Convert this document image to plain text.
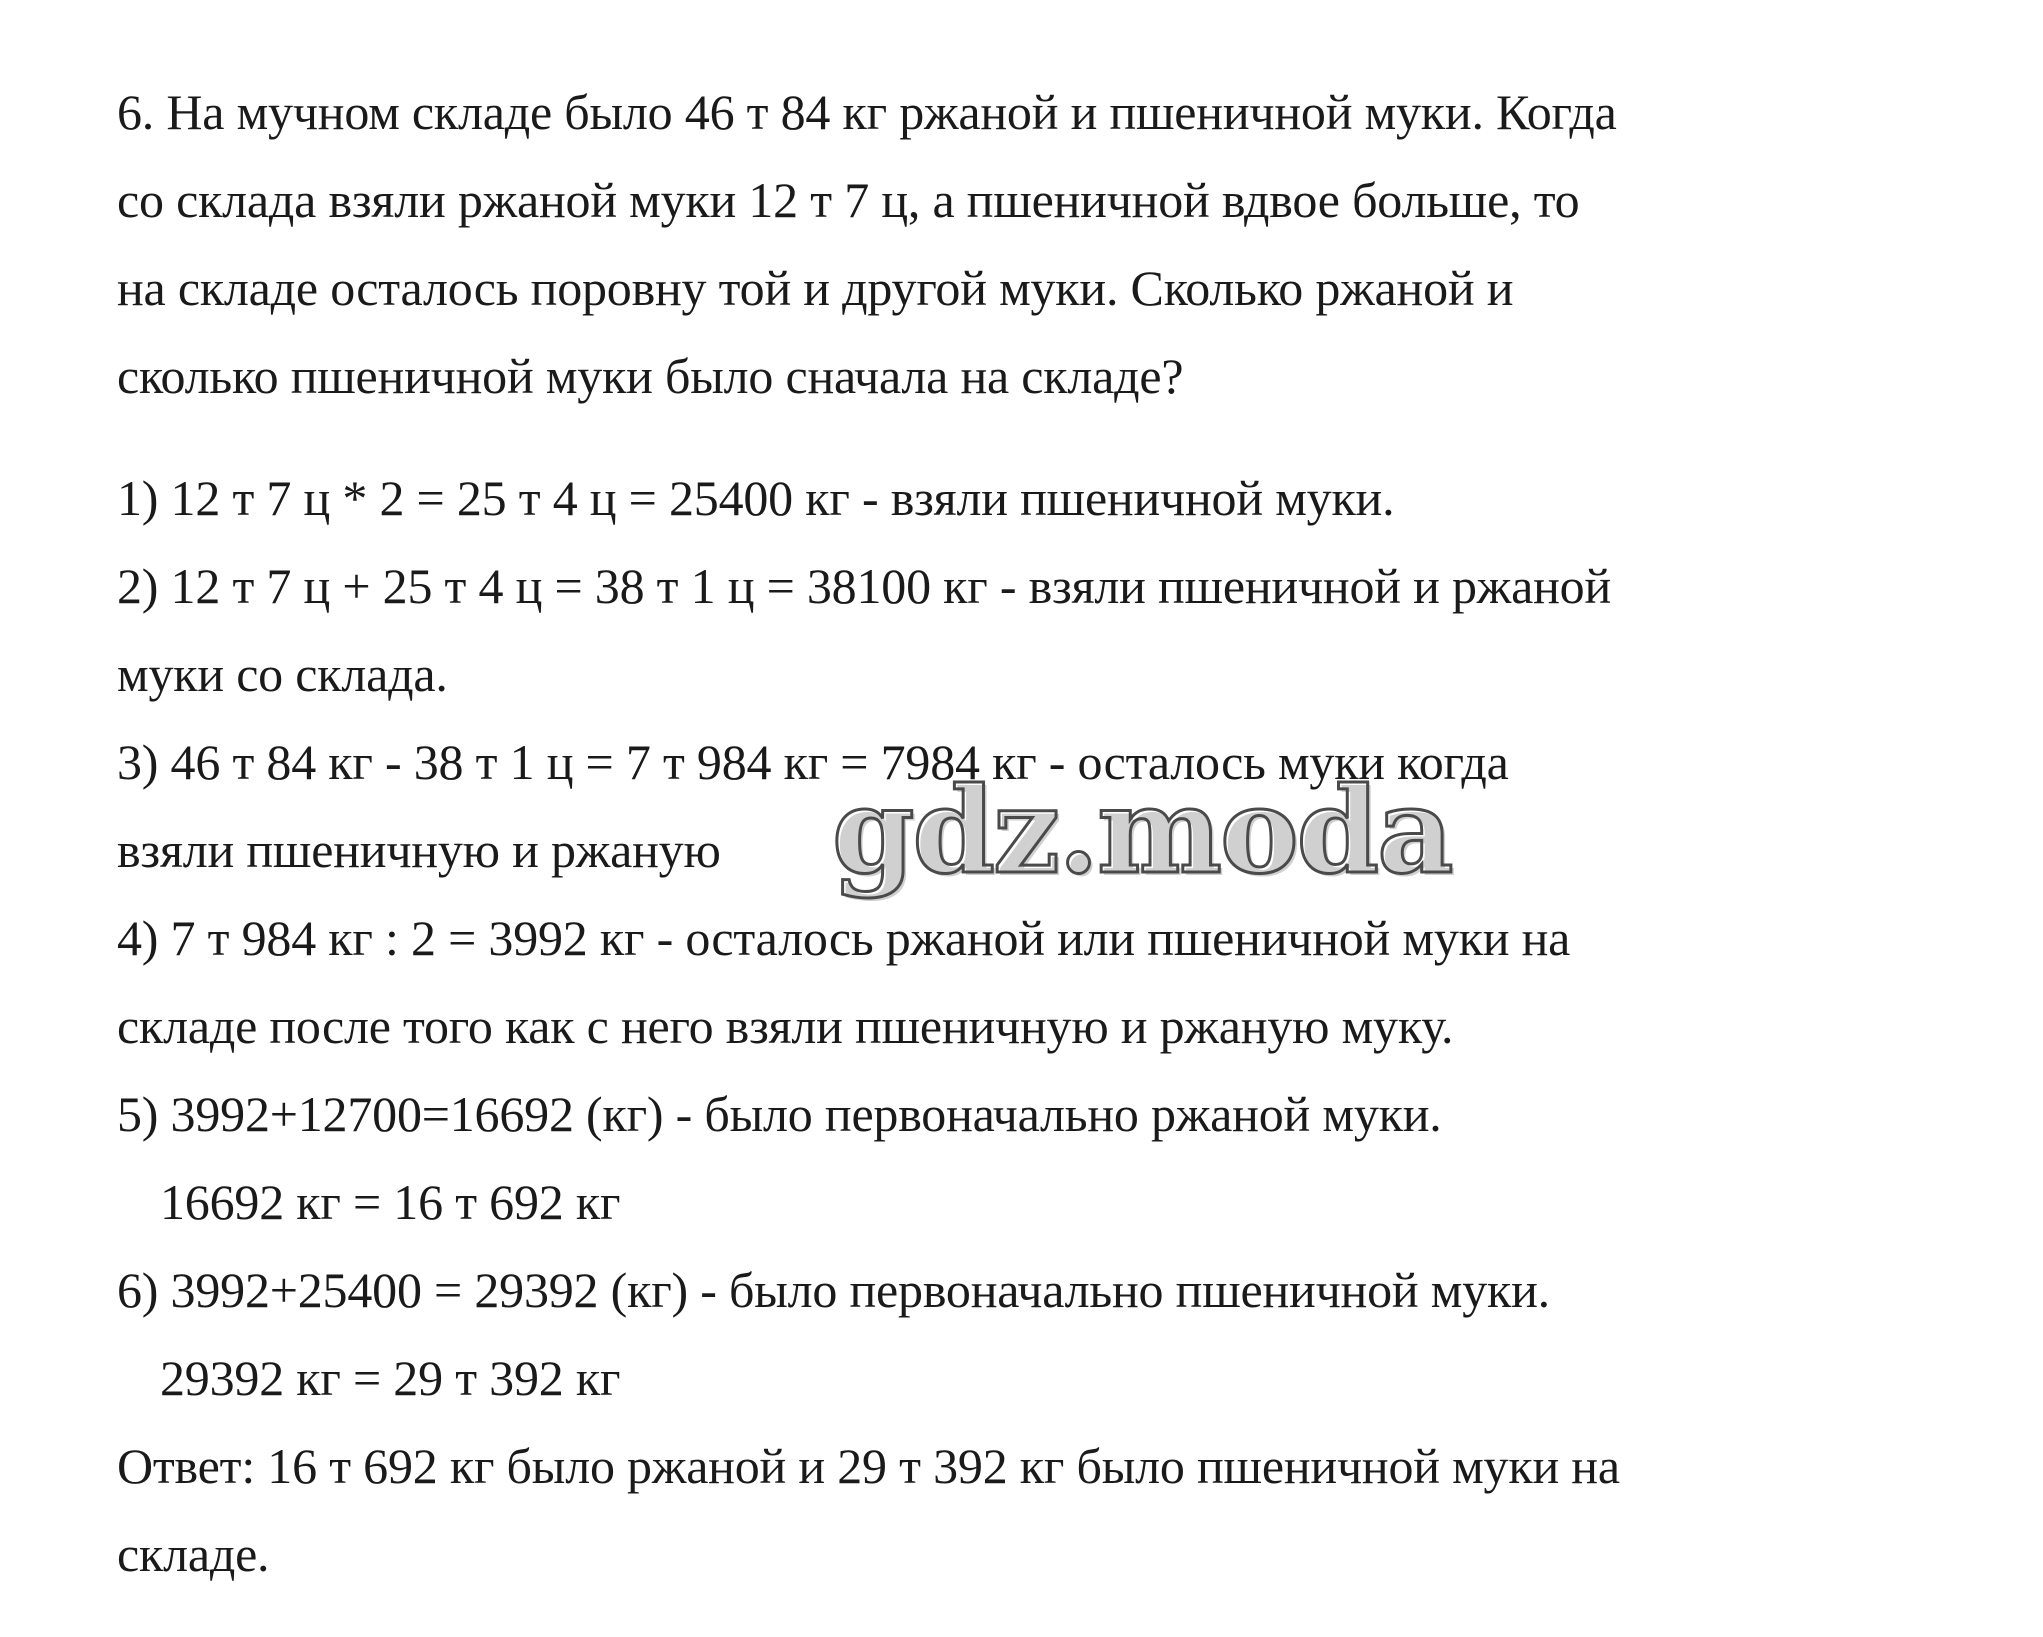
6. На мучном складе было 46 т 84 кг ржаной и пшеничной муки. Когда
со склада взяли ржаной муки 12 т 7 ц, а пшеничной вдвое больше, то
на складе осталось поровну той и другой муки. Сколько ржаной и
сколько пшеничной муки было сначала на складе?
1) 12 т 7 ц * 2 = 25 т 4 ц = 25400 кг - взяли пшеничной муки.
2) 12 т 7 ц + 25 т 4 ц = 38 т 1 ц = 38100 кг - взяли пшеничной и ржаной
муки со склада.
3) 46 т 84 кг - 38 т 1 ц = 7 т 984 кг = 7984 кг - осталось муки когда
взяли пшеничную и ржаную
4) 7 т 984 кг : 2 = 3992 кг - осталось ржаной или пшеничной муки на
складе после того как с него взяли пшеничную и ржаную муку.
5) 3992+12700=16692 (кг) - было первоначально ржаной муки.
16692 кг = 16 т 692 кг
6) 3992+25400 = 29392 (кг) - было первоначально пшеничной муки.
29392 кг = 29 т 392 кг
Ответ: 16 т 692 кг было ржаной и 29 т 392 кг было пшеничной муки на
складе.
gdz.moda
